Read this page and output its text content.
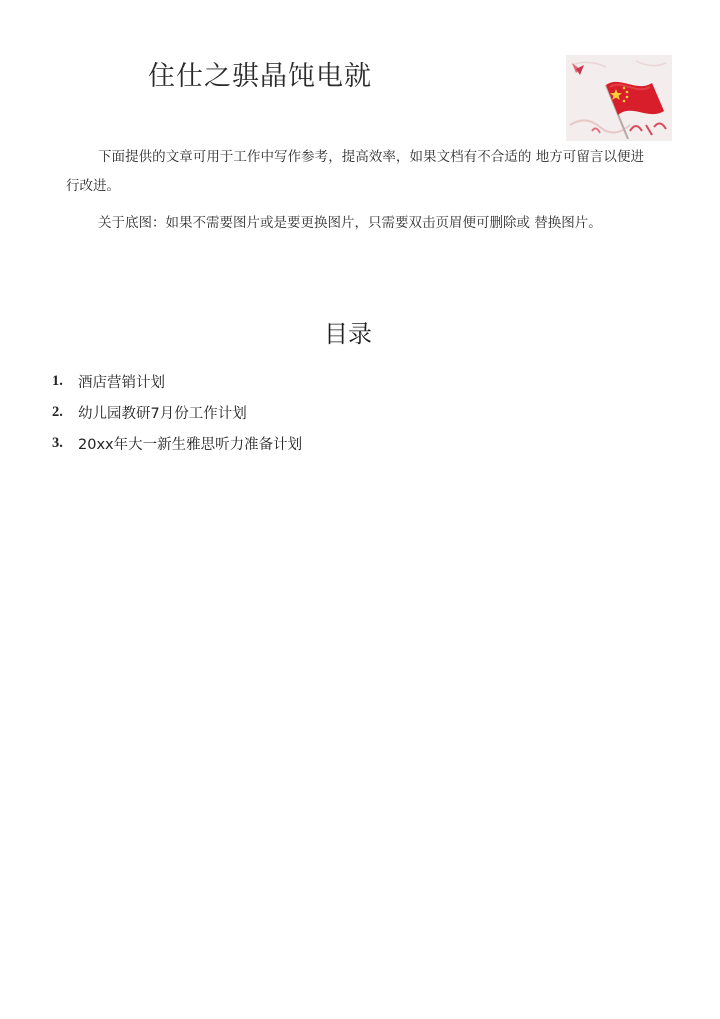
住仕之骐晶饨电就
下面提供的文章可用于工作中写作参考，提高效率，如果文档有不合适的 地方可留言以便进行改进。
关于底图：如果不需要图片或是要更换图片，只需要双击页眉便可删除或 替换图片。
目录
1.	酒店营销计划
2.	幼儿园教研7月份工作计划
3.	20xx年大一新生雅思听力准备计划
